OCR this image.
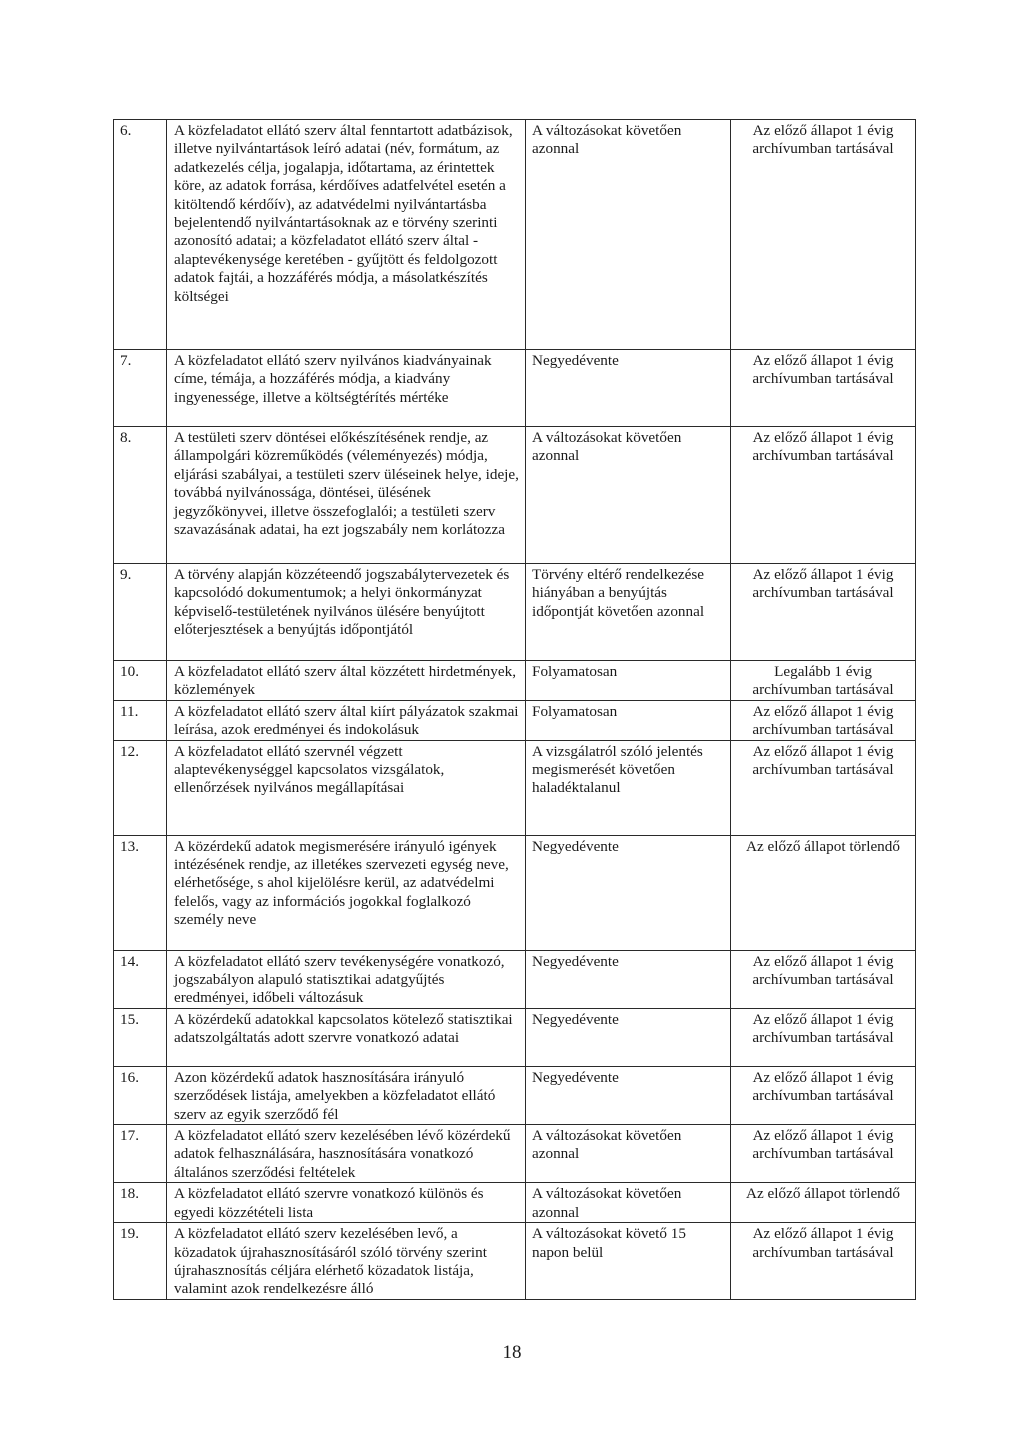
6.	A közfeladatot ellátó szerv által fenntartott adatbázisok, illetve nyilvántartások leíró adatai (név, formátum, az adatkezelés célja, jogalapja, időtartama, az érintettek köre, az adatok forrása, kérdőíves adatfelvétel esetén a kitöltendő kérdőív), az adatvédelmi nyilvántartásba bejelentendő nyilvántartásoknak az e törvény szerinti azonosító adatai; a közfeladatot ellátó szerv által - alaptevékenysége keretében - gyűjtött és feldolgozott adatok fajtái, a hozzáférés módja, a másolatkészítés költségei	A változásokat követően azonnal	Az előző állapot 1 évig archívumban tartásával
7.	A közfeladatot ellátó szerv nyilvános kiadványainak címe, témája, a hozzáférés módja, a kiadvány ingyenessége, illetve a költségtérítés mértéke	Negyedévente	Az előző állapot 1 évig archívumban tartásával
8.	A testületi szerv döntései előkészítésének rendje, az állampolgári közreműködés (véleményezés) módja, eljárási szabályai, a testületi szerv üléseinek helye, ideje, továbbá nyilvánossága, döntései, ülésének jegyzőkönyvei, illetve összefoglalói; a testületi szerv szavazásának adatai, ha ezt jogszabály nem korlátozza	A változásokat követően azonnal	Az előző állapot 1 évig archívumban tartásával
9.	A törvény alapján közzéteendő jogszabálytervezetek és kapcsolódó dokumentumok; a helyi önkormányzat képviselő-testületének nyilvános ülésére benyújtott előterjesztések a benyújtás időpontjától	Törvény eltérő rendelkezése hiányában a benyújtás időpontját követően azonnal	Az előző állapot 1 évig archívumban tartásával
10.	A közfeladatot ellátó szerv által közzétett hirdetmények, közlemények	Folyamatosan	Legalább 1 évig archívumban tartásával
11.	A közfeladatot ellátó szerv által kiírt pályázatok szakmai leírása, azok eredményei és indokolásuk	Folyamatosan	Az előző állapot 1 évig archívumban tartásával
12.	A közfeladatot ellátó szervnél végzett alaptevékenységgel kapcsolatos vizsgálatok, ellenőrzések nyilvános megállapításai	A vizsgálatról szóló jelentés megismerését követően haladéktalanul	Az előző állapot 1 évig archívumban tartásával
13.	A közérdekű adatok megismerésére irányuló igények intézésének rendje, az illetékes szervezeti egység neve, elérhetősége, s ahol kijelölésre kerül, az adatvédelmi felelős, vagy az információs jogokkal foglalkozó személy neve	Negyedévente	Az előző állapot törlendő
14.	A közfeladatot ellátó szerv tevékenységére vonatkozó, jogszabályon alapuló statisztikai adatgyűjtés eredményei, időbeli változásuk	Negyedévente	Az előző állapot 1 évig archívumban tartásával
15.	A közérdekű adatokkal kapcsolatos kötelező statisztikai adatszolgáltatás adott szervre vonatkozó adatai	Negyedévente	Az előző állapot 1 évig archívumban tartásával
16.	Azon közérdekű adatok hasznosítására irányuló szerződések listája, amelyekben a közfeladatot ellátó szerv az egyik szerződő fél	Negyedévente	Az előző állapot 1 évig archívumban tartásával
17.	A közfeladatot ellátó szerv kezelésében lévő közérdekű adatok felhasználására, hasznosítására vonatkozó általános szerződési feltételek	A változásokat követően azonnal	Az előző állapot 1 évig archívumban tartásával
18.	A közfeladatot ellátó szervre vonatkozó különös és egyedi közzétételi lista	A változásokat követően azonnal	Az előző állapot törlendő
19.	A közfeladatot ellátó szerv kezelésében levő, a közadatok újrahasznosításáról szóló törvény szerint újrahasznosítás céljára elérhető közadatok listája, valamint azok rendelkezésre álló	A változásokat követő 15 napon belül	Az előző állapot 1 évig archívumban tartásával
18
